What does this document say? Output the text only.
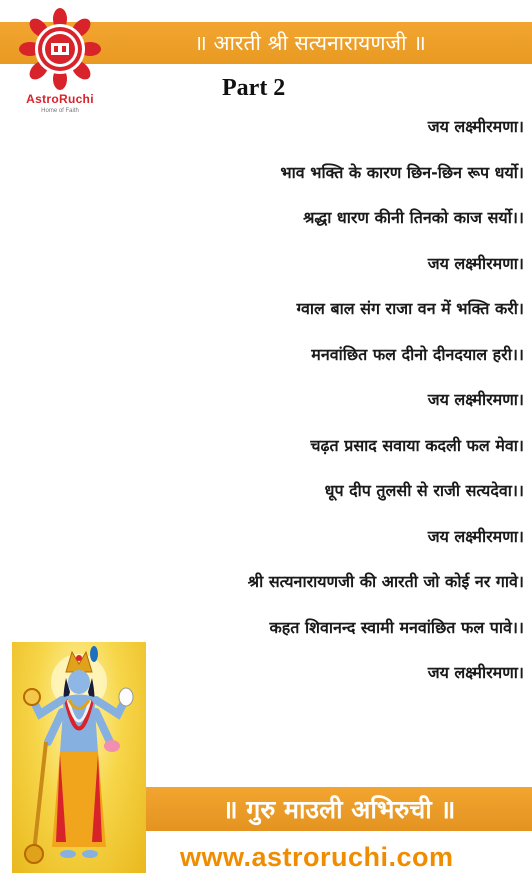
॥ आरती श्री सत्यनारायणजी ॥
AstroRuchi
Home of Faith
Part 2
जय लक्ष्मीरमणा।
भाव भक्ति के कारण छिन-छिन रूप धर्यो।
श्रद्धा धारण कीनी तिनको काज सर्यो।।
जय लक्ष्मीरमणा।
ग्वाल बाल संग राजा वन में भक्ति करी।
मनवांछित फल दीनो दीनदयाल हरी।।
जय लक्ष्मीरमणा।
चढ़त प्रसाद सवाया कदली फल मेवा।
धूप दीप तुलसी से राजी सत्यदेवा।।
जय लक्ष्मीरमणा।
श्री सत्यनारायणजी की आरती जो कोई नर गावे।
कहत शिवानन्द स्वामी मनवांछित फल पावे।।
जय लक्ष्मीरमणा।
॥ गुरु माउली अभिरुची ॥
www.astroruchi.com
